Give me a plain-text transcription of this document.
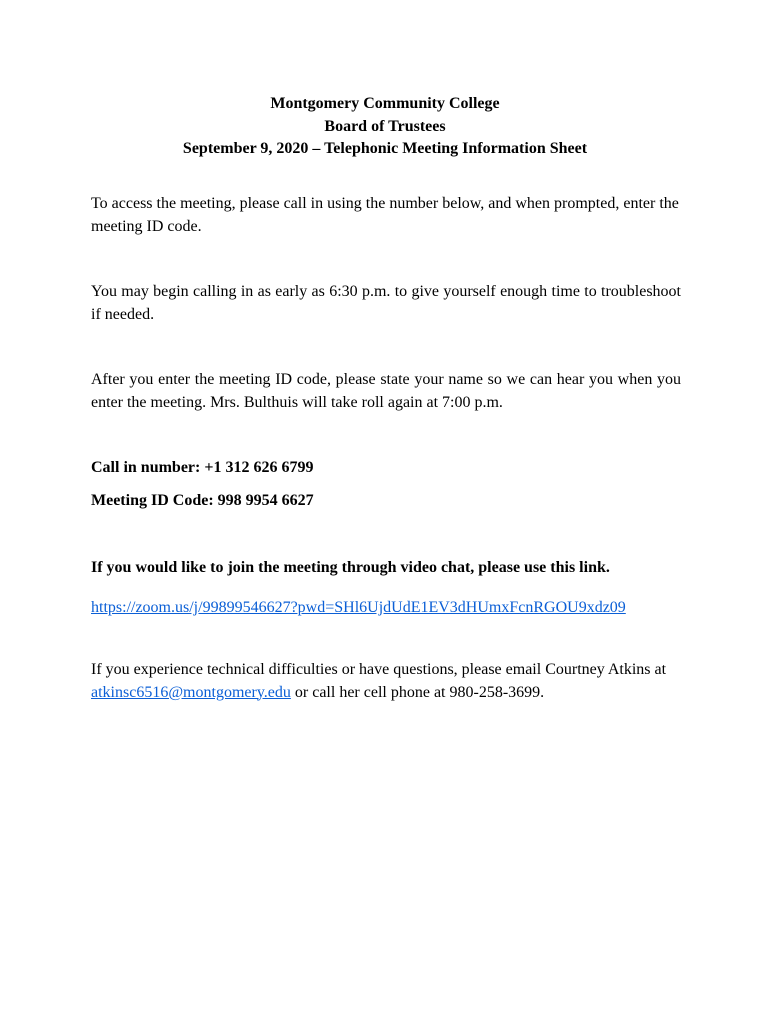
Montgomery Community College
Board of Trustees
September 9, 2020 – Telephonic Meeting Information Sheet
To access the meeting, please call in using the number below, and when prompted, enter the meeting ID code.
You may begin calling in as early as 6:30 p.m. to give yourself enough time to troubleshoot if needed.
After you enter the meeting ID code, please state your name so we can hear you when you enter the meeting. Mrs. Bulthuis will take roll again at 7:00 p.m.
Call in number: +1 312 626 6799
Meeting ID Code: 998 9954 6627
If you would like to join the meeting through video chat, please use this link.
https://zoom.us/j/99899546627?pwd=SHl6UjdUdE1EV3dHUmxFcnRGOU9xdz09
If you experience technical difficulties or have questions, please email Courtney Atkins at atkinsc6516@montgomery.edu or call her cell phone at 980-258-3699.
